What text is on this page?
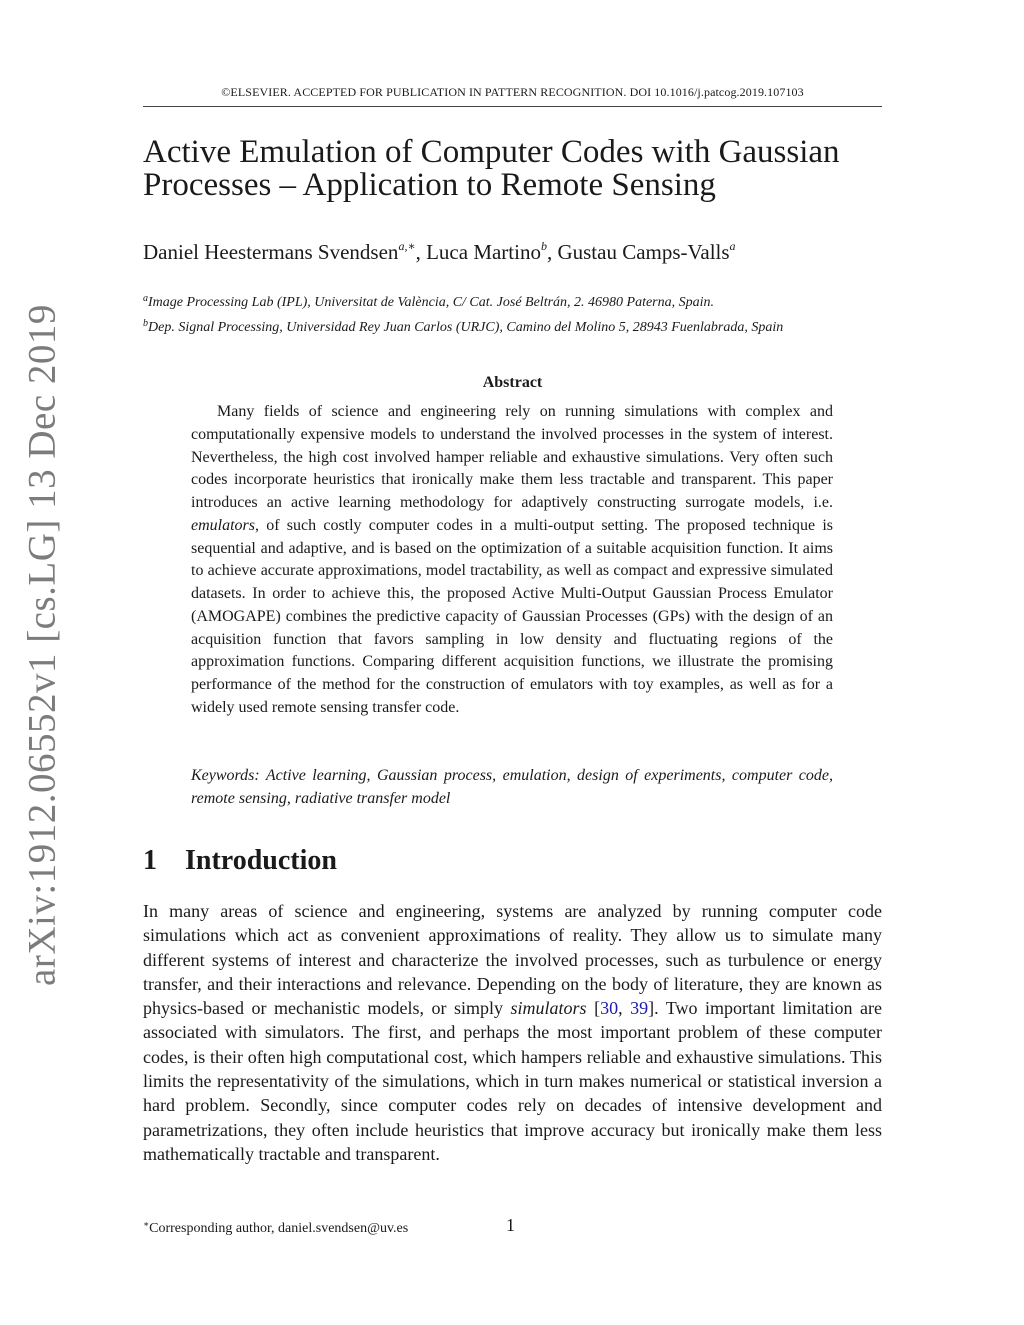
arXiv:1912.06552v1 [cs.LG] 13 Dec 2019
©ELSEVIER. ACCEPTED FOR PUBLICATION IN PATTERN RECOGNITION. DOI 10.1016/j.patcog.2019.107103
Active Emulation of Computer Codes with Gaussian
Processes – Application to Remote Sensing
Daniel Heestermans Svendsen$^{a,∗}$, Luca Martino$^b$, Gustau Camps-Valls$^a$
$^a$Image Processing Lab (IPL), Universitat de València, C/ Cat. José Beltrán, 2. 46980 Paterna, Spain.
$^b$Dep. Signal Processing, Universidad Rey Juan Carlos (URJC), Camino del Molino 5, 28943 Fuenlabrada, Spain
Abstract

Many fields of science and engineering rely on running simulations with complex and computationally expensive models to understand the involved processes in the system of interest. Nevertheless, the high cost involved hamper reliable and exhaustive simulations. Very often such codes incorporate heuristics that ironically make them less tractable and transparent. This paper introduces an active learning methodology for adaptively constructing surrogate models, i.e. emulators, of such costly computer codes in a multi-output setting. The proposed technique is sequential and adaptive, and is based on the optimization of a suitable acquisition function. It aims to achieve accurate approximations, model tractability, as well as compact and expressive simulated datasets. In order to achieve this, the proposed Active Multi-Output Gaussian Process Emulator (AMOGAPE) combines the predictive capacity of Gaussian Processes (GPs) with the design of an acquisition function that favors sampling in low density and fluctuating regions of the approximation functions. Comparing different acquisition functions, we illustrate the promising performance of the method for the construction of emulators with toy examples, as well as for a widely used remote sensing transfer code.

Keywords: Active learning, Gaussian process, emulation, design of experiments, computer code, remote sensing, radiative transfer model

1 Introduction

In many areas of science and engineering, systems are analyzed by running computer code simulations which act as convenient approximations of reality. They allow us to simulate many different systems of interest and characterize the involved processes, such as turbulence or energy transfer, and their interactions and relevance. Depending on the body of literature, they are known as physics-based or mechanistic models, or simply simulators [30, 39]. Two important limitation are associated with simulators. The first, and perhaps the most important problem of these computer codes, is their often high computational cost, which hampers reliable and exhaustive simulations. This limits the representativity of the simulations, which in turn makes numerical or statistical inversion a hard problem. Secondly, since computer codes rely on decades of intensive development and parametrizations, they often include heuristics that improve accuracy but ironically make them less mathematically tractable and transparent.

∗Corresponding author, daniel.svendsen@uv.es	1
